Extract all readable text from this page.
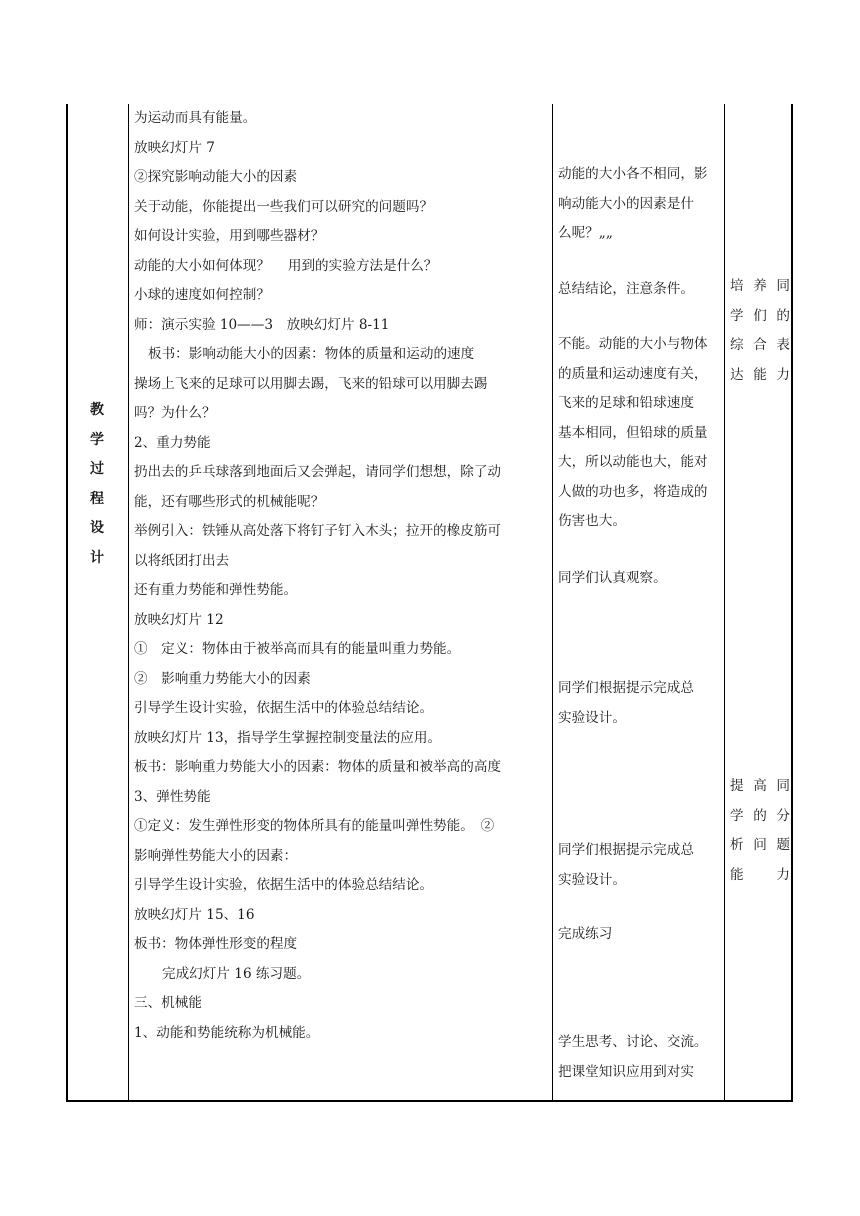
教
学
过
程
设
计
为运动而具有能量。
放映幻灯片 7
②探究影响动能大小的因素
关于动能，你能提出一些我们可以研究的问题吗？
如何设计实验，用到哪些器材？
动能的大小如何体现？　 用到的实验方法是什么？
小球的速度如何控制？
师：演示实验 10——3　放映幻灯片 8-11
板书：影响动能大小的因素：物体的质量和运动的速度
操场上飞来的足球可以用脚去踢，飞来的铅球可以用脚去踢
吗？为什么？
2、重力势能
扔出去的乒乓球落到地面后又会弹起，请同学们想想，除了动
能，还有哪些形式的机械能呢？
举例引入：铁锤从高处落下将钉子钉入木头；拉开的橡皮筋可
以将纸团打出去
还有重力势能和弹性势能。
放映幻灯片 12
①　定义：物体由于被举高而具有的能量叫重力势能。
②　影响重力势能大小的因素
引导学生设计实验，依据生活中的体验总结结论。
放映幻灯片 13，指导学生掌握控制变量法的应用。
板书：影响重力势能大小的因素：物体的质量和被举高的高度
3、弹性势能
①定义：发生弹性形变的物体所具有的能量叫弹性势能。　②
影响弹性势能大小的因素：
引导学生设计实验，依据生活中的体验总结结论。
放映幻灯片 15、16
板书：物体弹性形变的程度
完成幻灯片 16 练习题。
三、机械能
1、动能和势能统称为机械能。
动能的大小各不相同，影
响动能大小的因素是什
么呢？„„
总结结论，注意条件。
不能。动能的大小与物体
的质量和运动速度有关，
飞来的足球和铅球速度
基本相同，但铅球的质量
大，所以动能也大，能对
人做的功也多，将造成的
伤害也大。
同学们认真观察。
同学们根据提示完成总
实验设计。
同学们根据提示完成总
实验设计。
完成练习
学生思考、讨论、交流。
把课堂知识应用到对实
培养同
学们的
综合表
达能力
提高同
学的分
析问题
能力
